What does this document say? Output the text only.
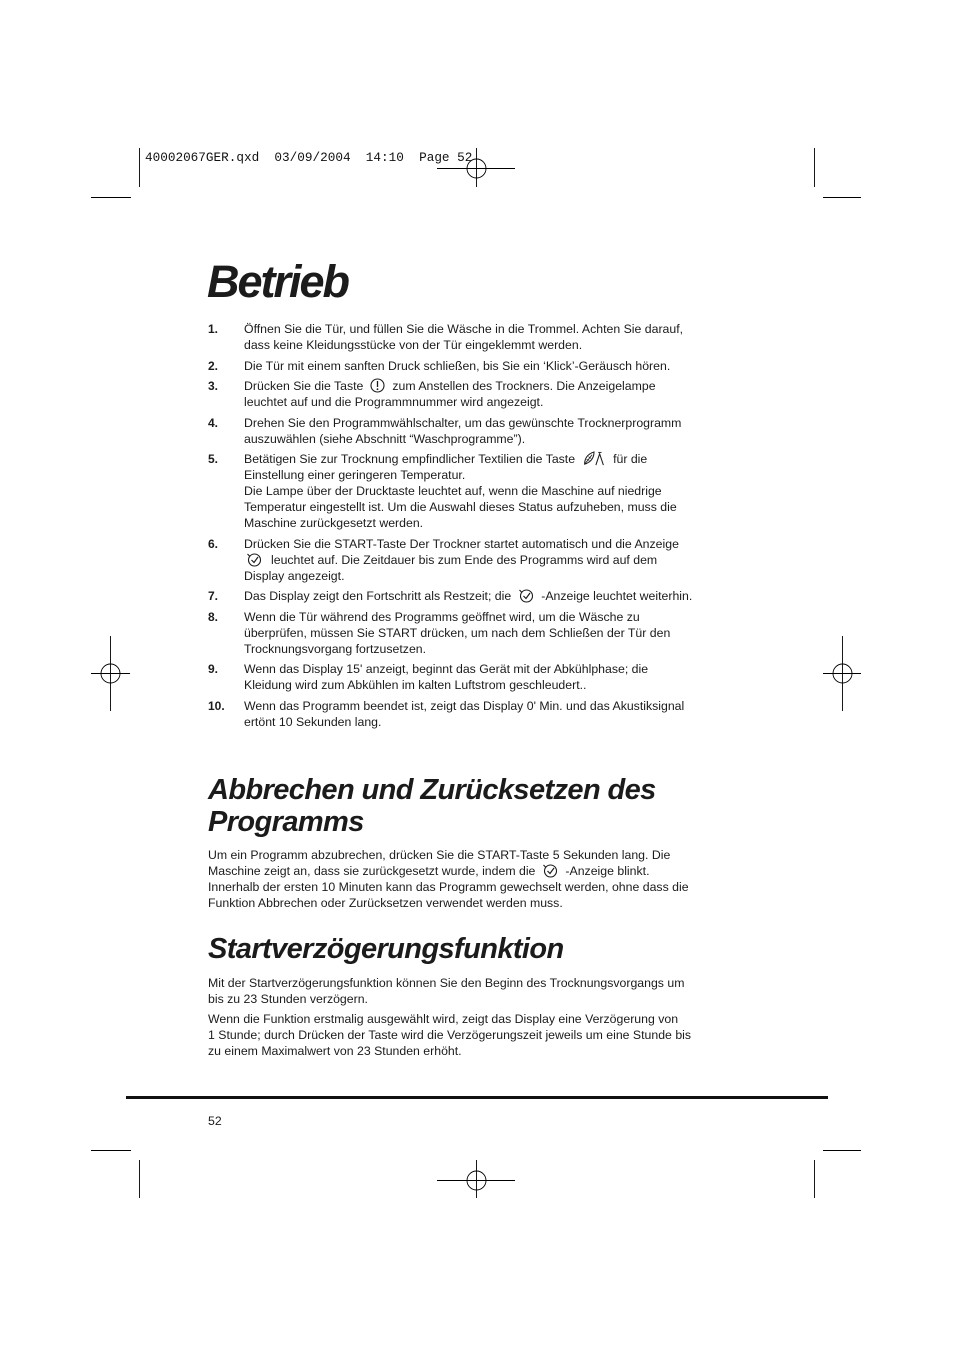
40002067GER.qxd  03/09/2004  14:10  Page 52
Betrieb
1. Öffnen Sie die Tür, und füllen Sie die Wäsche in die Trommel. Achten Sie darauf,
dass keine Kleidungsstücke von der Tür eingeklemmt werden.
2. Die Tür mit einem sanften Druck schließen, bis Sie ein ‘Klick’-Geräusch hören.
3. Drücken Sie die Taste zum Anstellen des Trockners. Die Anzeigelampe
leuchtet auf und die Programmnummer wird angezeigt.
4. Drehen Sie den Programmwählschalter, um das gewünschte Trocknerprogramm
auszuwählen (siehe Abschnitt “Waschprogramme”).
5. Betätigen Sie zur Trocknung empfindlicher Textilien die Taste	für die
Einstellung einer geringeren Temperatur.
Die Lampe über der Drucktaste leuchtet auf, wenn die Maschine auf niedrige
Temperatur eingestellt ist. Um die Auswahl dieses Status aufzuheben, muss die
Maschine zurückgesetzt werden.
6. Drücken Sie die START-Taste Der Trockner startet automatisch und die Anzeige
leuchtet auf. Die Zeitdauer bis zum Ende des Programms wird auf dem
Display angezeigt.
7. Das Display zeigt den Fortschritt als Restzeit; die -Anzeige leuchtet weiterhin.
8. Wenn die Tür während des Programms geöffnet wird, um die Wäsche zu
überprüfen, müssen Sie START drücken, um nach dem Schließen der Tür den
Trocknungsvorgang fortzusetzen.
9. Wenn das Display 15' anzeigt, beginnt das Gerät mit der Abkühlphase; die
Kleidung wird zum Abkühlen im kalten Luftstrom geschleudert..
10. Wenn das Programm beendet ist, zeigt das Display 0' Min. und das Akustiksignal
ertönt 10 Sekunden lang.
Abbrechen und Zurücksetzen des
Programms
Um ein Programm abzubrechen, drücken Sie die START-Taste 5 Sekunden lang. Die
Maschine zeigt an, dass sie zurückgesetzt wurde, indem die -Anzeige blinkt.
Innerhalb der ersten 10 Minuten kann das Programm gewechselt werden, ohne dass die
Funktion Abbrechen oder Zurücksetzen verwendet werden muss.
Startverzögerungsfunktion
Mit der Startverzögerungsfunktion können Sie den Beginn des Trocknungsvorgangs um
bis zu 23 Stunden verzögern.
Wenn die Funktion erstmalig ausgewählt wird, zeigt das Display eine Verzögerung von
1 Stunde; durch Drücken der Taste wird die Verzögerungszeit jeweils um eine Stunde bis
zu einem Maximalwert von 23 Stunden erhöht.
52
